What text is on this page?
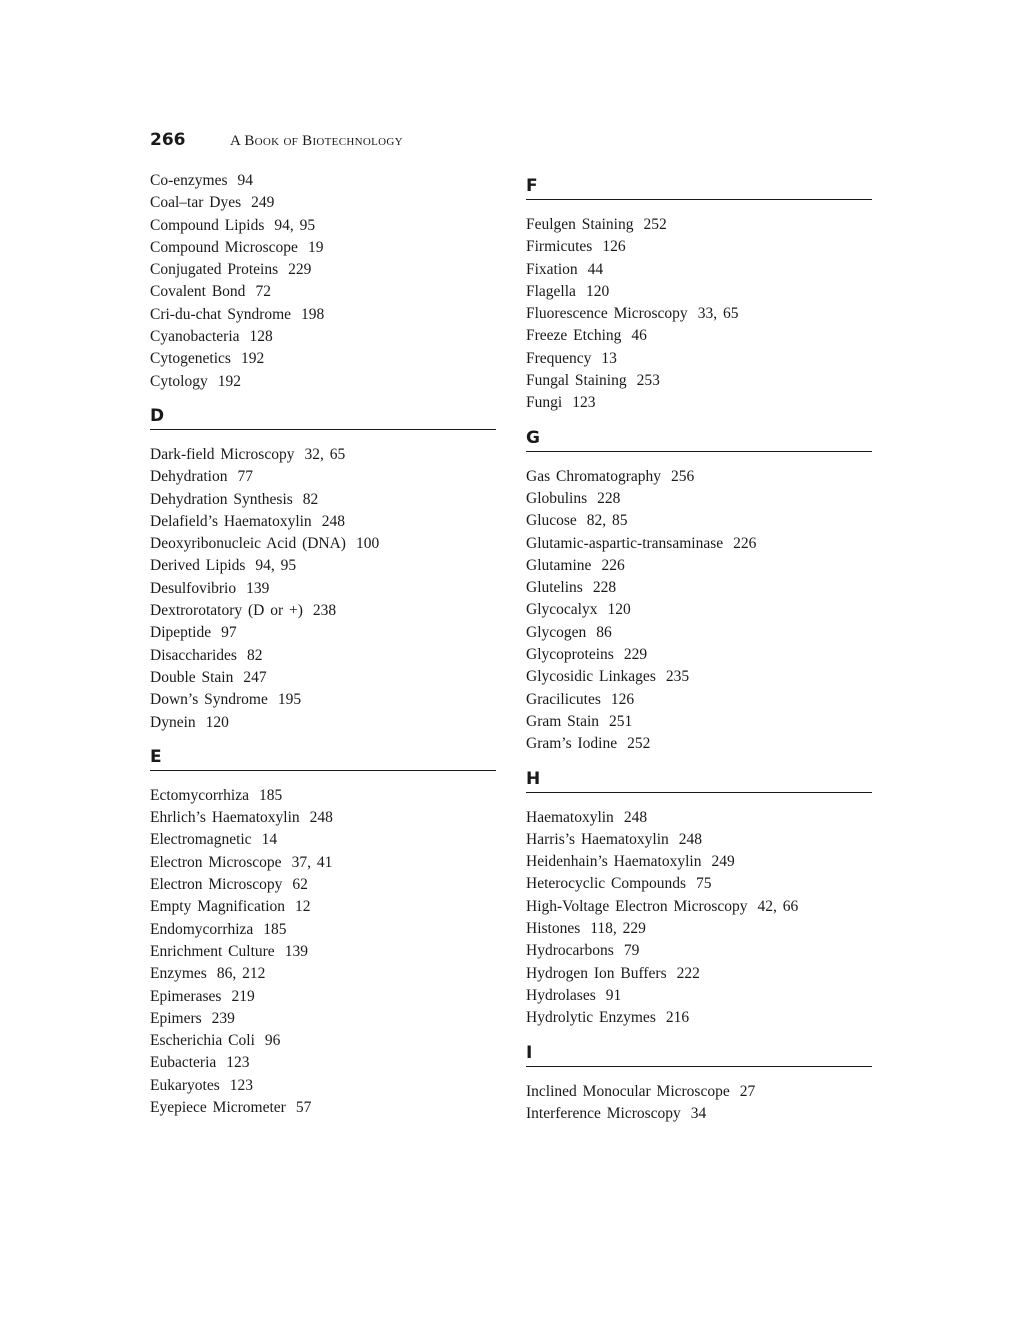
266	A Book of Biotechnology
Co-enzymes 94
Coal–tar Dyes 249
Compound Lipids 94, 95
Compound Microscope 19
Conjugated Proteins 229
Covalent Bond 72
Cri-du-chat Syndrome 198
Cyanobacteria 128
Cytogenetics 192
Cytology 192
D
Dark-field Microscopy 32, 65
Dehydration 77
Dehydration Synthesis 82
Delafield’s Haematoxylin 248
Deoxyribonucleic Acid (DNA) 100
Derived Lipids 94, 95
Desulfovibrio 139
Dextrorotatory (D or +) 238
Dipeptide 97
Disaccharides 82
Double Stain 247
Down’s Syndrome 195
Dynein 120
E
Ectomycorrhiza 185
Ehrlich’s Haematoxylin 248
Electromagnetic 14
Electron Microscope 37, 41
Electron Microscopy 62
Empty Magnification 12
Endomycorrhiza 185
Enrichment Culture 139
Enzymes 86, 212
Epimerases 219
Epimers 239
Escherichia Coli 96
Eubacteria 123
Eukaryotes 123
Eyepiece Micrometer 57
F
Feulgen Staining 252
Firmicutes 126
Fixation 44
Flagella 120
Fluorescence Microscopy 33, 65
Freeze Etching 46
Frequency 13
Fungal Staining 253
Fungi 123
G
Gas Chromatography 256
Globulins 228
Glucose 82, 85
Glutamic-aspartic-transaminase 226
Glutamine 226
Glutelins 228
Glycocalyx 120
Glycogen 86
Glycoproteins 229
Glycosidic Linkages 235
Gracilicutes 126
Gram Stain 251
Gram’s Iodine 252
H
Haematoxylin 248
Harris’s Haematoxylin 248
Heidenhain’s Haematoxylin 249
Heterocyclic Compounds 75
High-Voltage Electron Microscopy 42, 66
Histones 118, 229
Hydrocarbons 79
Hydrogen Ion Buffers 222
Hydrolases 91
Hydrolytic Enzymes 216
I
Inclined Monocular Microscope 27
Interference Microscopy 34
